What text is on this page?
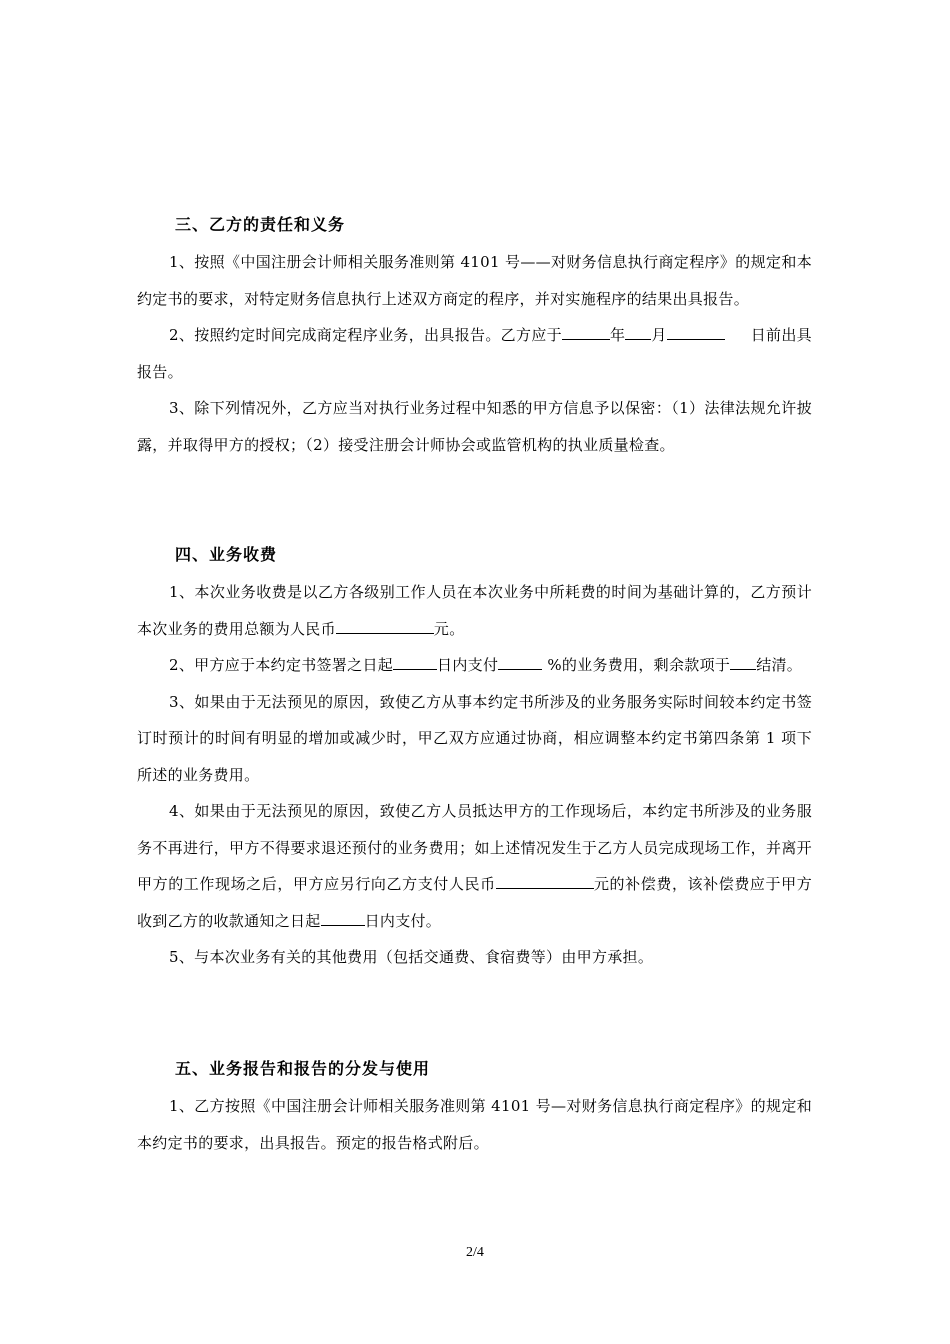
三、乙方的责任和义务

1、按照《中国注册会计师相关服务准则第 4101 号——对财务信息执行商定程序》的规定和本约定书的要求，对特定财务信息执行上述双方商定的程序，并对实施程序的结果出具报告。

2、按照约定时间完成商定程序业务，出具报告。乙方应于	年 月	日前出具报告。

3、除下列情况外，乙方应当对执行业务过程中知悉的甲方信息予以保密：（1）法律法规允许披露，并取得甲方的授权；（2）接受注册会计师协会或监管机构的执业质量检查。

四、业务收费

1、本次业务收费是以乙方各级别工作人员在本次业务中所耗费的时间为基础计算的，乙方预计本次业务的费用总额为人民币	元。

2、甲方应于本约定书签署之日起	日内支付	%的业务费用，剩余款项于 结清。

3、如果由于无法预见的原因，致使乙方从事本约定书所涉及的业务服务实际时间较本约定书签订时预计的时间有明显的增加或减少时，甲乙双方应通过协商，相应调整本约定书第四条第 1 项下所述的业务费用。

4、如果由于无法预见的原因，致使乙方人员抵达甲方的工作现场后，本约定书所涉及的业务服务不再进行，甲方不得要求退还预付的业务费用；如上述情况发生于乙方人员完成现场工作，并离开甲方的工作现场之后，甲方应另行向乙方支付人民币	元的补偿费，该补偿费应于甲方收到乙方的收款通知之日起	日内支付。

5、与本次业务有关的其他费用（包括交通费、食宿费等）由甲方承担。

五、业务报告和报告的分发与使用

1、乙方按照《中国注册会计师相关服务准则第 4101 号—对财务信息执行商定程序》的规定和本约定书的要求，出具报告。预定的报告格式附后。

2/4
